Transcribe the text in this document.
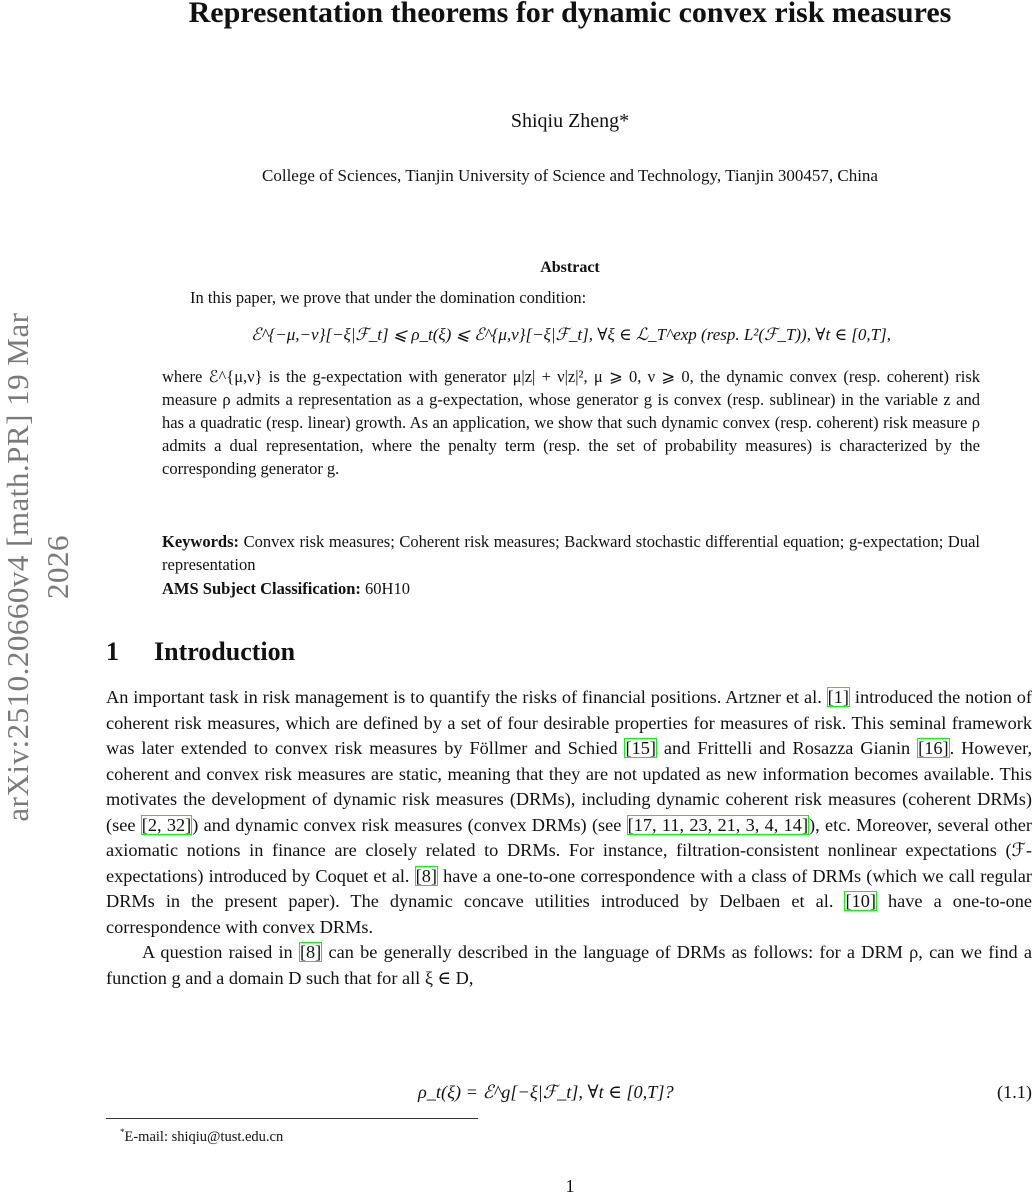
arXiv:2510.20660v4 [math.PR] 19 Mar 2026
Representation theorems for dynamic convex risk measures
Shiqiu Zheng*
College of Sciences, Tianjin University of Science and Technology, Tianjin 300457, China
Abstract
In this paper, we prove that under the domination condition:
ℰ^{−μ,−ν}[−ξ|ℱ_t] ⩽ ρ_t(ξ) ⩽ ℰ^{μ,ν}[−ξ|ℱ_t], ∀ξ ∈ ℒ_T^exp (resp. L²(ℱ_T)), ∀t ∈ [0,T],
where ℰ^{μ,ν} is the g-expectation with generator μ|z| + ν|z|², μ ⩾ 0, ν ⩾ 0, the dynamic convex (resp. coherent) risk measure ρ admits a representation as a g-expectation, whose generator g is convex (resp. sublinear) in the variable z and has a quadratic (resp. linear) growth. As an application, we show that such dynamic convex (resp. coherent) risk measure ρ admits a dual representation, where the penalty term (resp. the set of probability measures) is characterized by the corresponding generator g.
Keywords: Convex risk measures; Coherent risk measures; Backward stochastic differential equation; g-expectation; Dual representation
AMS Subject Classification: 60H10
1 Introduction

An important task in risk management is to quantify the risks of financial positions. Artzner et al. [1] introduced the notion of coherent risk measures, which are defined by a set of four desirable properties for measures of risk. This seminal framework was later extended to convex risk measures by Föllmer and Schied [15] and Frittelli and Rosazza Gianin [16]. However, coherent and convex risk measures are static, meaning that they are not updated as new information becomes available. This motivates the development of dynamic risk measures (DRMs), including dynamic coherent risk measures (coherent DRMs) (see [2, 32]) and dynamic convex risk measures (convex DRMs) (see [17, 11, 23, 21, 3, 4, 14]), etc. Moreover, several other axiomatic notions in finance are closely related to DRMs. For instance, filtration-consistent nonlinear expectations (ℱ-expectations) introduced by Coquet et al. [8] have a one-to-one correspondence with a class of DRMs (which we call regular DRMs in the present paper). The dynamic concave utilities introduced by Delbaen et al. [10] have a one-to-one correspondence with convex DRMs.

A question raised in [8] can be generally described in the language of DRMs as follows: for a DRM ρ, can we find a function g and a domain D such that for all ξ ∈ D,

ρ_t(ξ) = ℰ^g[−ξ|ℱ_t], ∀t ∈ [0,T]?	(1.1)
*E-mail: shiqiu@tust.edu.cn
1
